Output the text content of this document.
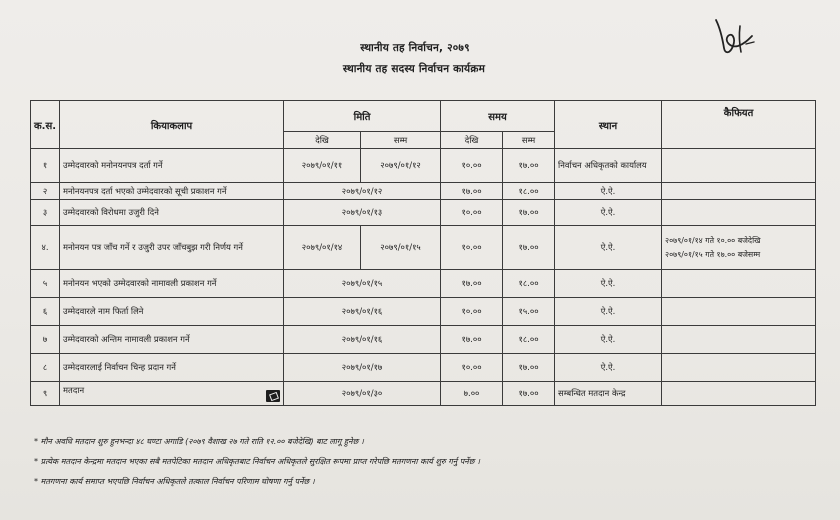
स्थानीय तह निर्वाचन, २०७९
स्थानीय तह सदस्य निर्वाचन कार्यक्रम
क.स.	कियाकलाप	मिति		समय		स्थान	कैफियत
		देखि	सम्म	देखि	सम्म		
१	उम्मेदवारको मनोनयनपत्र दर्ता गर्ने	२०७९/०१/११	२०७९/०१/१२	१०.००	१७.००	निर्वाचन अधिकृतको कार्यालय	
२	मनोनयनपत्र दर्ता भएको उम्मेदवारको सूची प्रकाशन गर्ने	२०७९/०१/१२		१७.००	१८.००	ऐ.ऐ.	
३	उम्मेदवारको विरोधमा उजुरी दिने	२०७९/०१/१३		१०.००	१७.००	ऐ.ऐ.	
४.	मनोनयन पत्र जाँच गर्ने र उजुरी उपर जाँचबुझ गरी निर्णय गर्ने	२०७९/०१/१४	२०७९/०१/१५	१०.००	१७.००	ऐ.ऐ.	२०७९/०१/१४ गते १०.०० बजेदेखि
२०७९/०१/१५ गते १७.०० बजेसम्म

५	मनोनयन भएको उम्मेदवारको नामावली प्रकाशन गर्ने	२०७९/०१/१५		१७.००	१८.००	ऐ.ऐ.	
६	उम्मेदवारले नाम फिर्ता लिने	२०७९/०१/१६		१०.००	१५.००	ऐ.ऐ.	
७	उम्मेदवारको अन्तिम नामावली प्रकाशन गर्ने	२०७९/०१/१६		१७.००	१८.००	ऐ.ऐ.	
८	उम्मेदवारलाई निर्वाचन चिन्ह प्रदान गर्ने	२०७९/०१/१७		१०.००	१७.००	ऐ.ऐ.	
९	मतदान	२०७९/०१/३०		७.००	१७.००	सम्बन्धित मतदान केन्द्र	
* मौन अवधि मतदान शुरु हुनभन्दा ४८ घण्टा अगाडि (२०७९ वैशाख २७ गते राति १२.०० बजेदेखि) बाट लागू हुनेछ ।
* प्रत्येक मतदान केन्द्रमा मतदान भएका सबै मतपेटिका मतदान अधिकृतबाट निर्वाचन अधिकृतले सुरक्षित रूपमा प्राप्त गरेपछि मतगणना कार्य शुरु गर्नु पर्नेछ ।
* मतगणना कार्य समाप्त भएपछि निर्वाचन अधिकृतले तत्काल निर्वाचन परिणाम घोषणा गर्नु पर्नेछ ।
